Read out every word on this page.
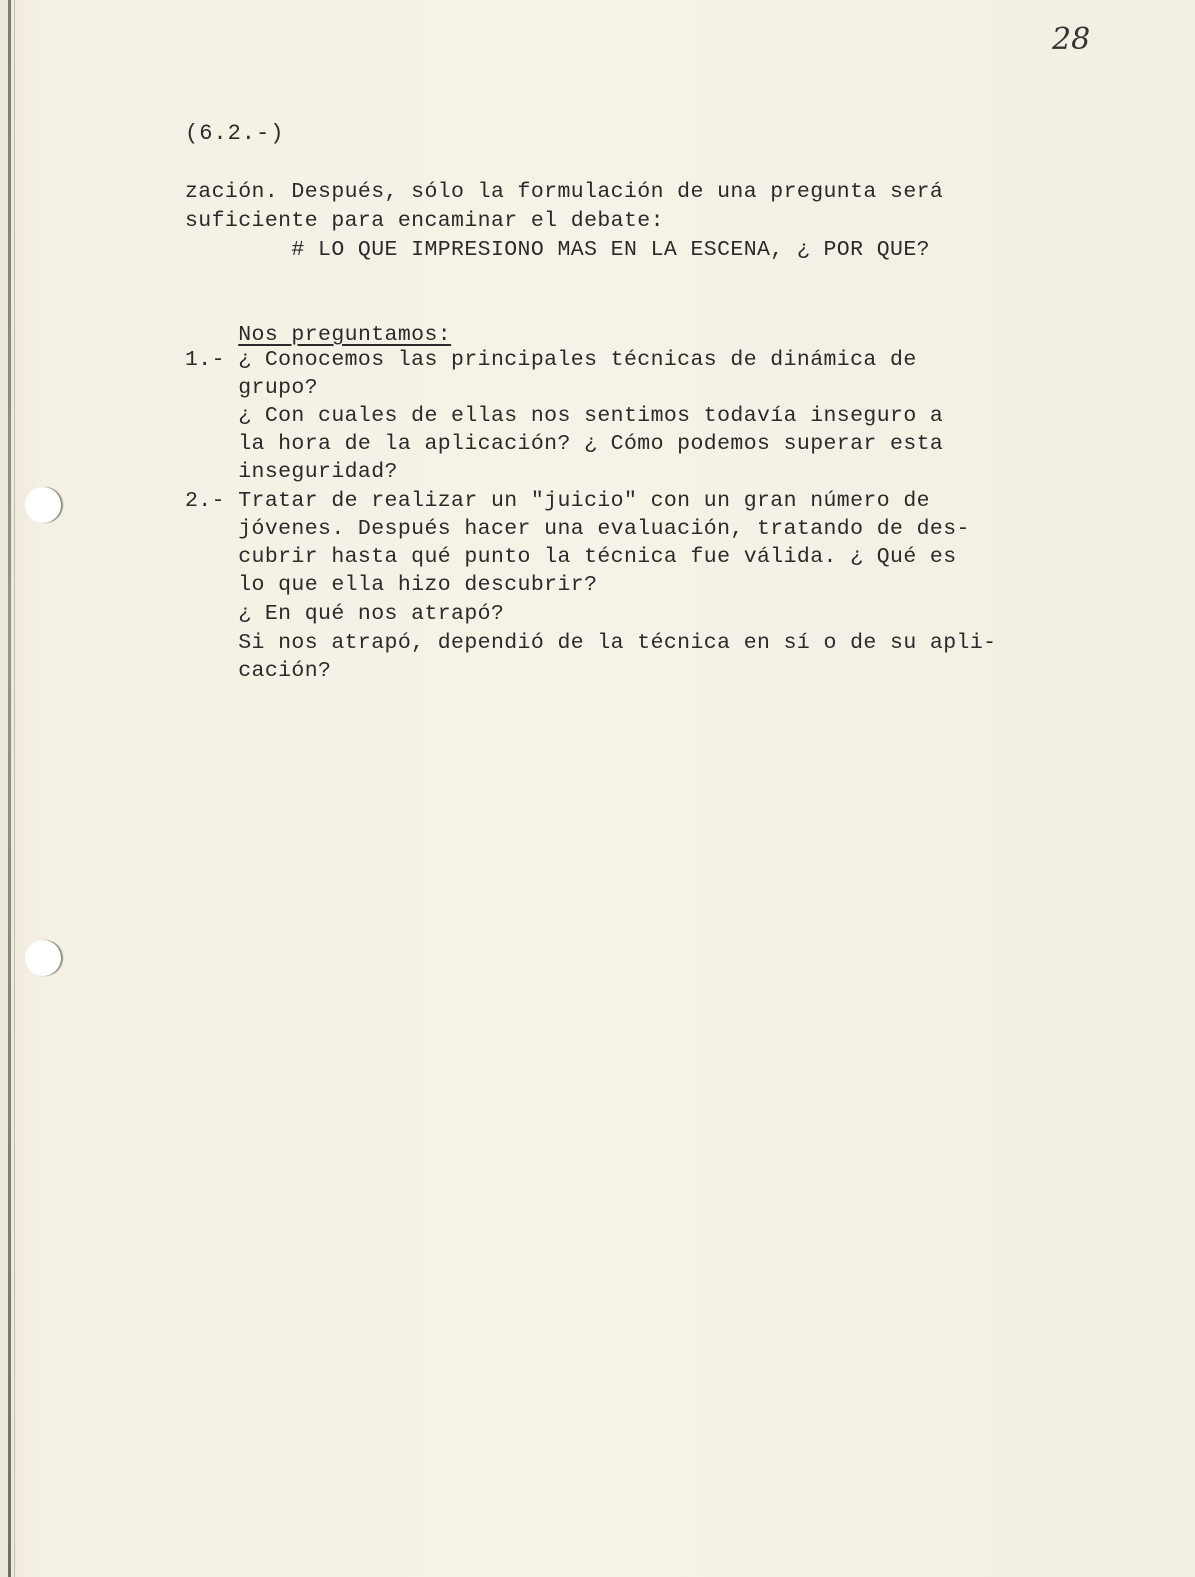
28
(6.2.-)
zación. Después, sólo la formulación de una pregunta será
suficiente para encaminar el debate:
# LO QUE IMPRESIONO MAS EN LA ESCENA, ¿ POR QUE?

Nos preguntamos:

1.- ¿ Conocemos las principales técnicas de dinámica de
grupo?
¿ Con cuales de ellas nos sentimos todavía inseguro a
la hora de la aplicación? ¿ Cómo podemos superar esta
inseguridad?
2.- Tratar de realizar un "juicio" con un gran número de
jóvenes. Después hacer una evaluación, tratando de des-
cubrir hasta qué punto la técnica fue válida. ¿ Qué es
lo que ella hizo descubrir?
¿ En qué nos atrapó?
Si nos atrapó, dependió de la técnica en sí o de su apli-
cación?
